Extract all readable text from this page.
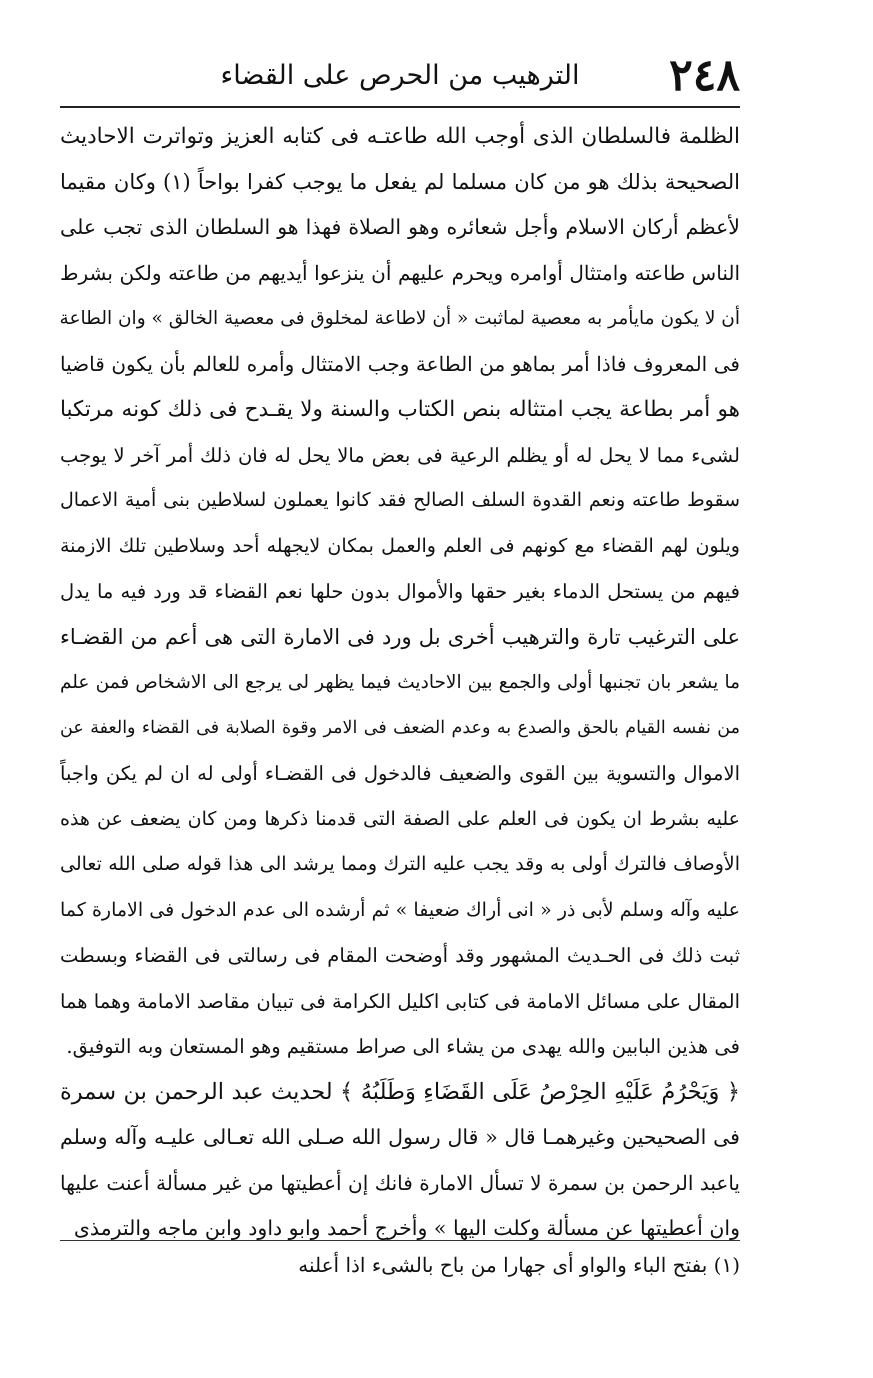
٢٤٨
الترهيب من الحرص على القضاء
الظلمة فالسلطان الذى أوجب الله طاعتـه فى كتابه العزيز وتواترت الاحاديث
الصحيحة بذلك هو من كان مسلما لم يفعل ما يوجب كفرا بواحاً (١) وكان مقيما
لأعظم أركان الاسلام وأجل شعائره وهو الصلاة فهذا هو السلطان الذى تجب على
الناس طاعته وامتثال أوامره ويحرم عليهم أن ينزعوا أيديهم من طاعته ولكن بشرط
أن لا يكون مايأمر به معصية لماثبت « أن لاطاعة لمخلوق فى معصية الخالق » وان الطاعة
فى المعروف فاذا أمر بماهو من الطاعة وجب الامتثال وأمره للعالم بأن يكون قاضيا
هو أمر بطاعة يجب امتثاله بنص الكتاب والسنة ولا يقـدح فى ذلك كونه مرتكبا
لشىء مما لا يحل له أو يظلم الرعية فى بعض مالا يحل له فان ذلك أمر آخر لا يوجب
سقوط طاعته ونعم القدوة السلف الصالح فقد كانوا يعملون لسلاطين بنى أمية الاعمال
ويلون لهم القضاء مع كونهم فى العلم والعمل بمكان لايجهله أحد وسلاطين تلك الازمنة
فيهم من يستحل الدماء بغير حقها والأموال بدون حلها نعم القضاء قد ورد فيه ما يدل
على الترغيب تارة والترهيب أخرى بل ورد فى الامارة التى هى أعم من القضـاء
ما يشعر بان تجنبها أولى والجمع بين الاحاديث فيما يظهر لى يرجع الى الاشخاص فمن علم
من نفسه القيام بالحق والصدع به وعدم الضعف فى الامر وقوة الصلابة فى القضاء والعفة عن
الاموال والتسوية بين القوى والضعيف فالدخول فى القضـاء أولى له ان لم يكن واجباً
عليه بشرط ان يكون فى العلم على الصفة التى قدمنا ذكرها ومن كان يضعف عن هذه
الأوصاف فالترك أولى به وقد يجب عليه الترك ومما يرشد الى هذا قوله صلى الله تعالى
عليه وآله وسلم لأبى ذر « انى أراك ضعيفا » ثم أرشده الى عدم الدخول فى الامارة كما
ثبت ذلك فى الحـديث المشهور وقد أوضحت المقام فى رسالتى فى القضاء وبسطت
المقال على مسائل الامامة فى كتابى اكليل الكرامة فى تبيان مقاصد الامامة وهما هما
فى هذين البابين والله يهدى من يشاء الى صراط مستقيم وهو المستعان وبه التوفيق.
﴿ وَيَحْرُمُ عَلَيْهِ الحِرْصُ عَلَى القَضَاءِ وَطَلَبُهُ ﴾ لحديث عبد الرحمن بن سمرة
فى الصحيحين وغيرهمـا قال « قال رسول الله صـلى الله تعـالى عليـه وآله وسلم
ياعبد الرحمن بن سمرة لا تسأل الامارة فانك إن أعطيتها من غير مسألة أعنت عليها
وان أعطيتها عن مسألة وكلت اليها » وأخرج أحمد وابو داود وابن ماجه والترمذى
(١) بفتح الباء والواو أى جهارا من باح بالشىء اذا أعلنه
